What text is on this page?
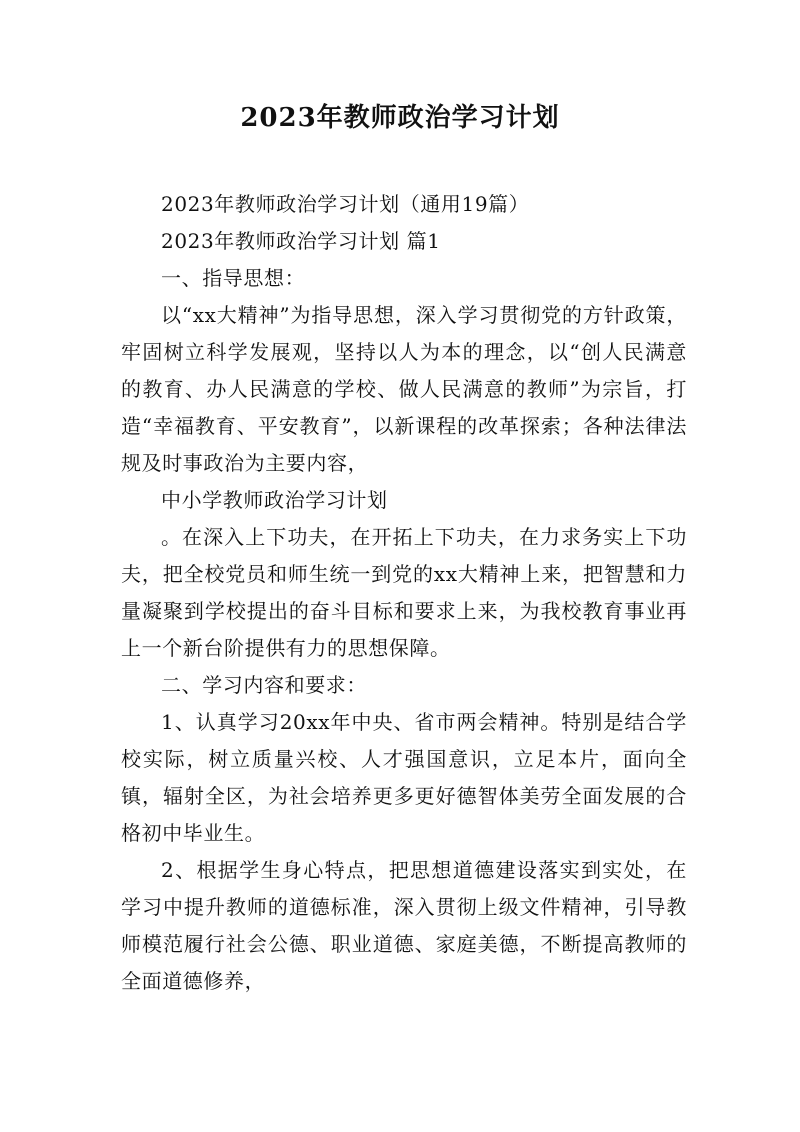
2023年教师政治学习计划

2023年教师政治学习计划（通用19篇）

2023年教师政治学习计划 篇1

一、指导思想：

以“xx大精神”为指导思想，深入学习贯彻党的方针政策，牢固树立科学发展观，坚持以人为本的理念，以“创人民满意的教育、办人民满意的学校、做人民满意的教师”为宗旨，打造“幸福教育、平安教育”，以新课程的改革探索；各种法律法规及时事政治为主要内容，

中小学教师政治学习计划

。在深入上下功夫，在开拓上下功夫，在力求务实上下功夫，把全校党员和师生统一到党的xx大精神上来，把智慧和力量凝聚到学校提出的奋斗目标和要求上来，为我校教育事业再上一个新台阶提供有力的思想保障。

二、学习内容和要求：

1、认真学习20xx年中央、省市两会精神。特别是结合学校实际，树立质量兴校、人才强国意识，立足本片，面向全镇，辐射全区，为社会培养更多更好德智体美劳全面发展的合格初中毕业生。

2、根据学生身心特点，把思想道德建设落实到实处，在学习中提升教师的道德标准，深入贯彻上级文件精神，引导教师模范履行社会公德、职业道德、家庭美德，不断提高教师的全面道德修养，
